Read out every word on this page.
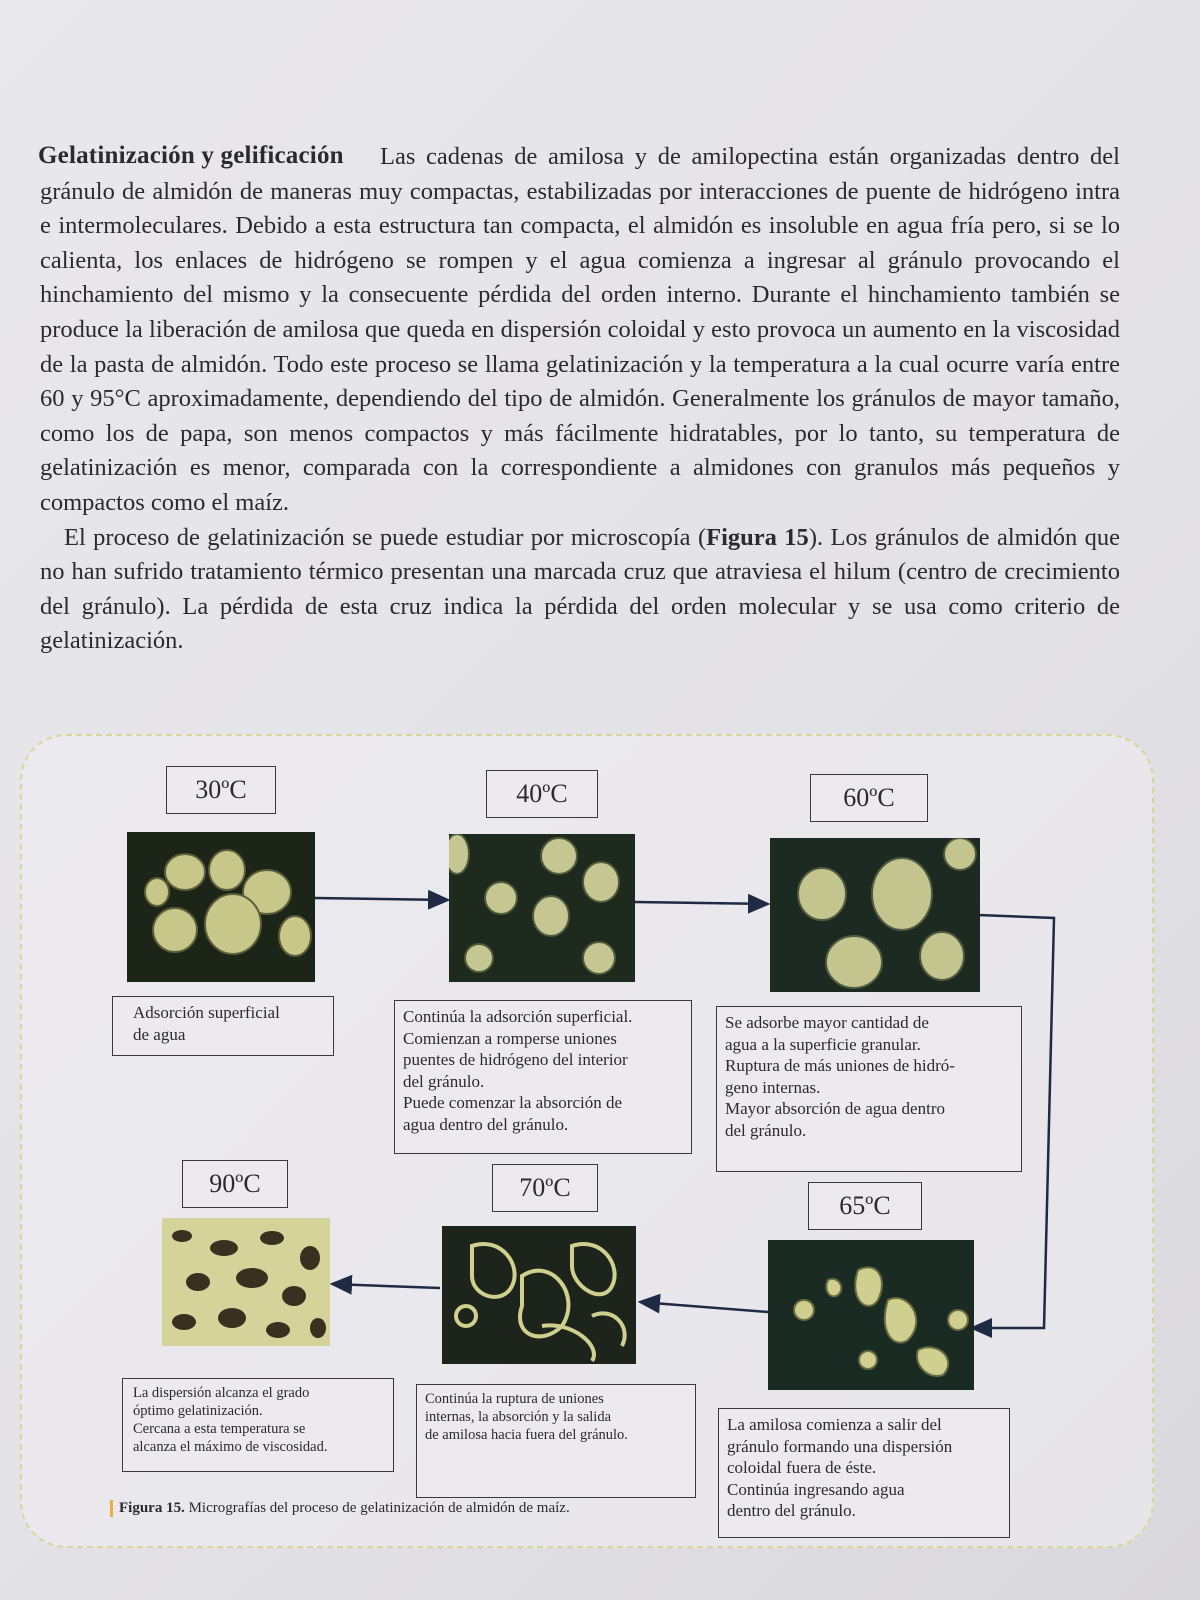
Las cadenas de amilosa y de amilopectina están organizadas dentro del gránulo de almidón de maneras muy compactas, estabilizadas por interacciones de puente de hidrógeno intra e intermoleculares. Debido a esta estructura tan compacta, el almidón es insoluble en agua fría pero, si se lo calienta, los enlaces de hidrógeno se rompen y el agua comienza a ingresar al gránulo provocando el hinchamiento del mismo y la consecuente pérdida del orden interno. Durante el hinchamiento también se produce la liberación de amilosa que queda en dispersión coloidal y esto provoca un aumento en la viscosidad de la pasta de almidón. Todo este proceso se llama gelatinización y la temperatura a la cual ocurre varía entre 60 y 95°C aproximadamente, dependiendo del tipo de almidón. Generalmente los gránulos de mayor tamaño, como los de papa, son menos compactos y más fácilmente hidratables, por lo tanto, su temperatura de gelatinización es menor, comparada con la correspondiente a almidones con granulos más pequeños y compactos como el maíz.

El proceso de gelatinización se puede estudiar por microscopía (Figura 15). Los gránulos de almidón que no han sufrido tratamiento térmico presentan una marcada cruz que atraviesa el hilum (centro de crecimiento del gránulo). La pérdida de esta cruz indica la pérdida del orden molecular y se usa como criterio de gelatinización.

Gelatinización y gelificación
30ºC	40ºC	60ºC
Adsorción superficial
de agua
Continúa la adsorción superficial.
Comienzan a romperse uniones
puentes de hidrógeno del interior
del gránulo.
Puede comenzar la absorción de
agua dentro del gránulo.
Se adsorbe mayor cantidad de
agua a la superficie granular.
Ruptura de más uniones de hidró-
geno internas.
Mayor absorción de agua dentro
del gránulo.
90ºC	70ºC
65ºC
La dispersión alcanza el grado
óptimo gelatinización.
Cercana a esta temperatura se
alcanza el máximo de viscosidad.
Continúa la ruptura de uniones
internas, la absorción y la salida
de amilosa hacia fuera del gránulo.
La amilosa comienza a salir del
gránulo formando una dispersión
coloidal fuera de éste.
Continúa ingresando agua
dentro del gránulo.
Figura 15. Micrografías del proceso de gelatinización de almidón de maíz.
